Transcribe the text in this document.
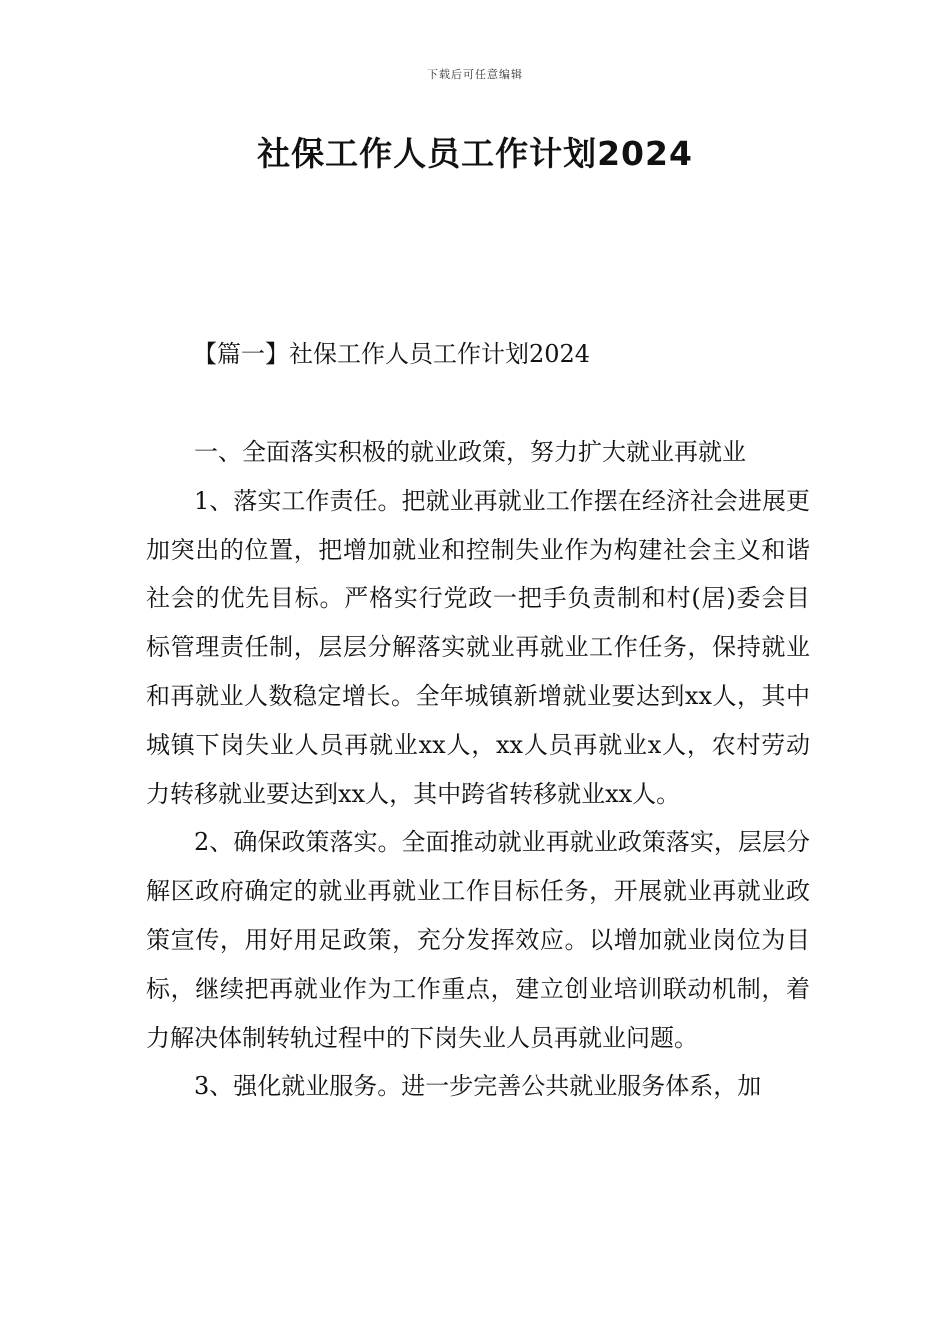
下载后可任意编辑
社保工作人员工作计划2024
【篇一】社保工作人员工作计划2024

一、全面落实积极的就业政策，努力扩大就业再就业

1、落实工作责任。把就业再就业工作摆在经济社会进展更加突出的位置，把增加就业和控制失业作为构建社会主义和谐社会的优先目标。严格实行党政一把手负责制和村(居)委会目标管理责任制，层层分解落实就业再就业工作任务，保持就业和再就业人数稳定增长。全年城镇新增就业要达到xx人，其中城镇下岗失业人员再就业xx人，xx人员再就业x人，农村劳动力转移就业要达到xx人，其中跨省转移就业xx人。

2、确保政策落实。全面推动就业再就业政策落实，层层分解区政府确定的就业再就业工作目标任务，开展就业再就业政策宣传，用好用足政策，充分发挥效应。以增加就业岗位为目标，继续把再就业作为工作重点，建立创业培训联动机制，着力解决体制转轨过程中的下岗失业人员再就业问题。

3、强化就业服务。进一步完善公共就业服务体系，加
